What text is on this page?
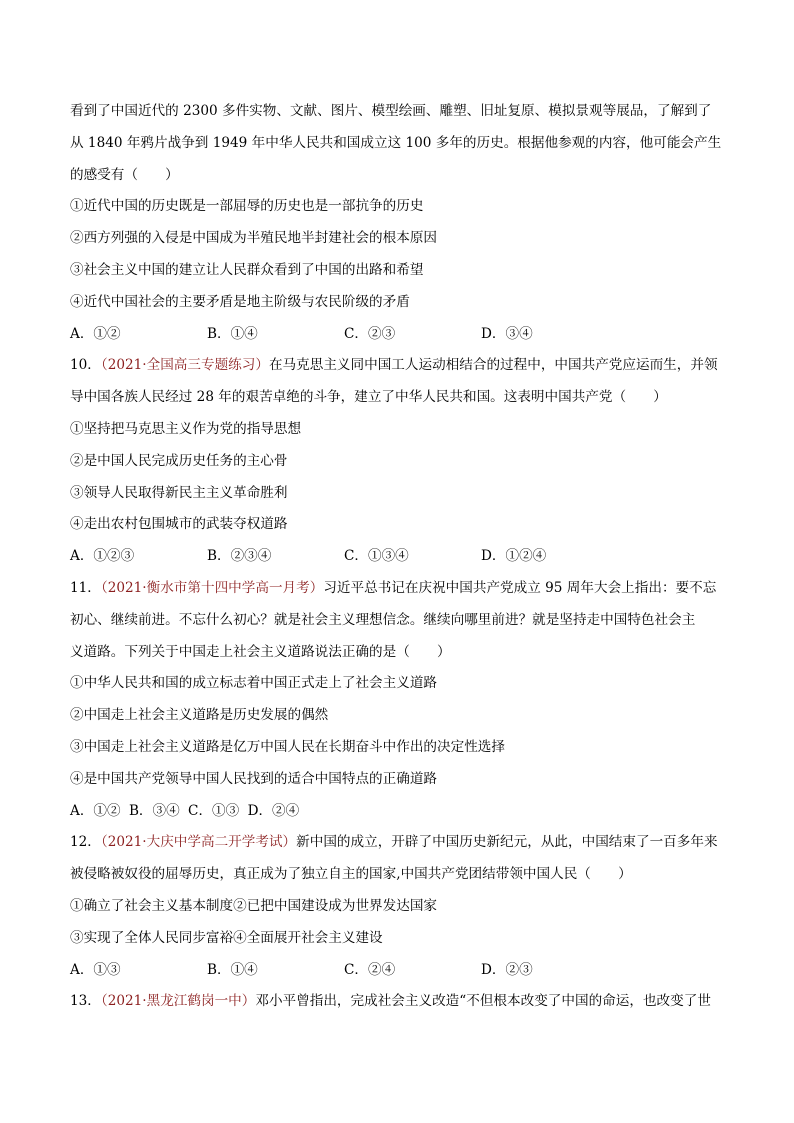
看到了中国近代的 2300 多件实物、文献、图片、模型绘画、雕塑、旧址复原、模拟景观等展品，了解到了
从 1840 年鸦片战争到 1949 年中华人民共和国成立这 100 多年的历史。根据他参观的内容，他可能会产生
的感受有（　　）
①近代中国的历史既是一部屈辱的历史也是一部抗争的历史
②西方列强的入侵是中国成为半殖民地半封建社会的根本原因
③社会主义中国的建立让人民群众看到了中国的出路和希望
④近代中国社会的主要矛盾是地主阶级与农民阶级的矛盾
A．①②	B．①④	C．②③	D．③④
10．（2021·全国高三专题练习）在马克思主义同中国工人运动相结合的过程中，中国共产党应运而生，并领
导中国各族人民经过 28 年的艰苦卓绝的斗争，建立了中华人民共和国。这表明中国共产党（　　）
①坚持把马克思主义作为党的指导思想
②是中国人民完成历史任务的主心骨
③领导人民取得新民主主义革命胜利
④走出农村包围城市的武装夺权道路
A．①②③	B．②③④	C．①③④	D．①②④
11．（2021·衡水市第十四中学高一月考）习近平总书记在庆祝中国共产党成立 95 周年大会上指出：要不忘
初心、继续前进。不忘什么初心？就是社会主义理想信念。继续向哪里前进？就是坚持走中国特色社会主
义道路。下列关于中国走上社会主义道路说法正确的是（　　）
①中华人民共和国的成立标志着中国正式走上了社会主义道路
②中国走上社会主义道路是历史发展的偶然
③中国走上社会主义道路是亿万中国人民在长期奋斗中作出的决定性选择
④是中国共产党领导中国人民找到的适合中国特点的正确道路
A．①② B．③④ C．①③ D．②④
12．（2021·大庆中学高二开学考试）新中国的成立，开辟了中国历史新纪元，从此，中国结束了一百多年来
被侵略被奴役的屈辱历史，真正成为了独立自主的国家,中国共产党团结带领中国人民（　　）
①确立了社会主义基本制度②已把中国建设成为世界发达国家
③实现了全体人民同步富裕④全面展开社会主义建设
A．①③	B．①④	C．②④	D．②③
13．（2021·黑龙江鹤岗一中）邓小平曾指出，完成社会主义改造“不但根本改变了中国的命运，也改变了世
